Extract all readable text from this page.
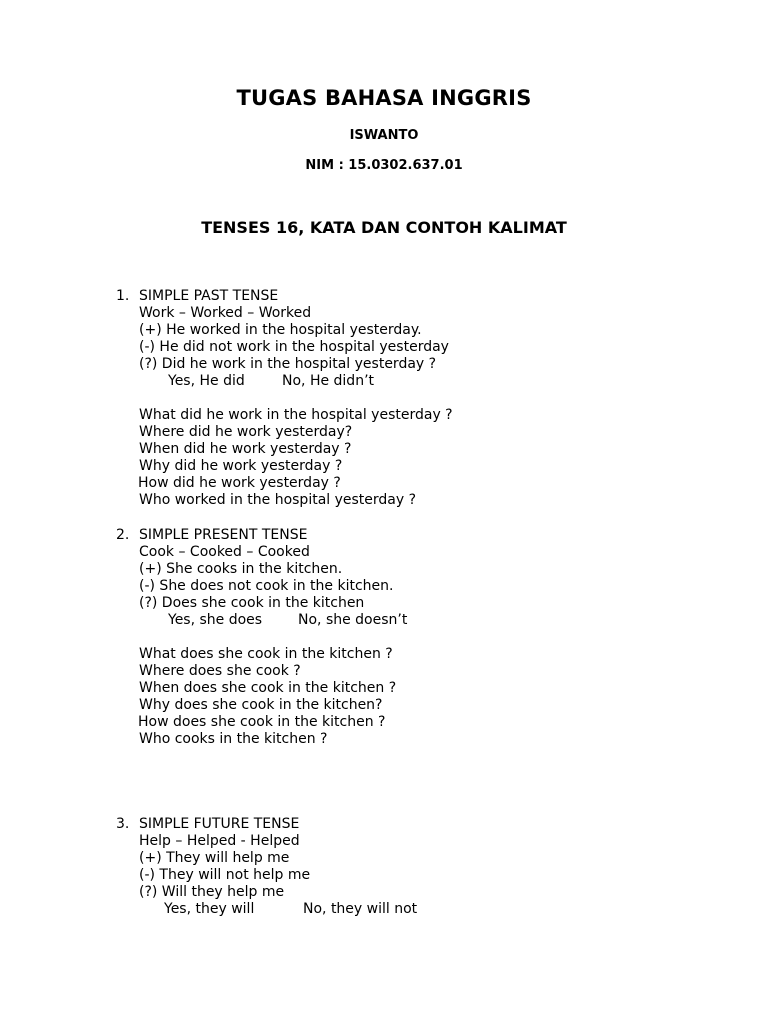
TUGAS BAHASA INGGRIS
ISWANTO
NIM : 15.0302.637.01
TENSES 16, KATA DAN CONTOH KALIMAT
1. SIMPLE PAST TENSE
Work – Worked – Worked
(+) He worked in the hospital yesterday.
(-) He did not work in the hospital yesterday
(?) Did he work in the hospital yesterday ?
Yes, He did	No, He didn’t
What did he work in the hospital yesterday ?
Where did he work yesterday?
When did he work yesterday ?
Why did he work yesterday ?
How did he work yesterday ?
Who worked in the hospital yesterday ?
2. SIMPLE PRESENT TENSE
Cook – Cooked – Cooked
(+) She cooks in the kitchen.
(-) She does not cook in the kitchen.
(?) Does she cook in the kitchen
Yes, she does	No, she doesn’t
What does she cook in the kitchen ?
Where does she cook ?
When does she cook in the kitchen ?
Why does she cook in the kitchen?
How does she cook in the kitchen ?
Who cooks in the kitchen ?
3. SIMPLE FUTURE TENSE
Help – Helped - Helped
(+) They will help me
(-) They will not help me
(?) Will they help me
Yes, they will	No, they will not
